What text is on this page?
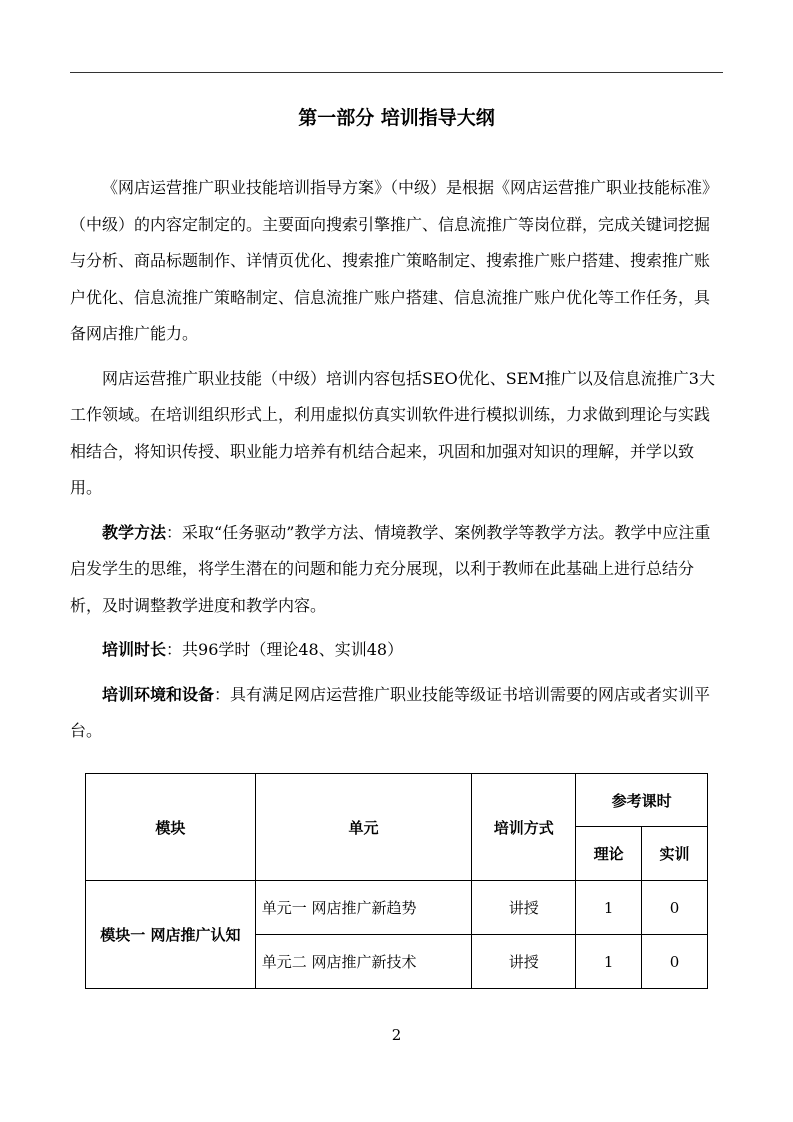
第一部分 培训指导大纲

《网店运营推广职业技能培训指导方案》（中级）是根据《网店运营推广职业技能标准》（中级）的内容定制定的。主要面向搜索引擎推广、信息流推广等岗位群，完成关键词挖掘与分析、商品标题制作、详情页优化、搜索推广策略制定、搜索推广账户搭建、搜索推广账户优化、信息流推广策略制定、信息流推广账户搭建、信息流推广账户优化等工作任务，具备网店推广能力。

网店运营推广职业技能（中级）培训内容包括SEO优化、SEM推广以及信息流推广3大工作领域。在培训组织形式上，利用虚拟仿真实训软件进行模拟训练，力求做到理论与实践相结合，将知识传授、职业能力培养有机结合起来，巩固和加强对知识的理解，并学以致用。

教学方法：采取“任务驱动”教学方法、情境教学、案例教学等教学方法。教学中应注重启发学生的思维，将学生潜在的问题和能力充分展现，以利于教师在此基础上进行总结分析，及时调整教学进度和教学内容。

培训时长：共96学时（理论48、实训48）

培训环境和设备：具有满足网店运营推广职业技能等级证书培训需要的网店或者实训平台。

模块	单元	培训方式	参考课时	
			理论	实训
模块一 网店推广认知	单元一 网店推广新趋势	讲授	1	0
	单元二 网店推广新技术	讲授	1	0
2
